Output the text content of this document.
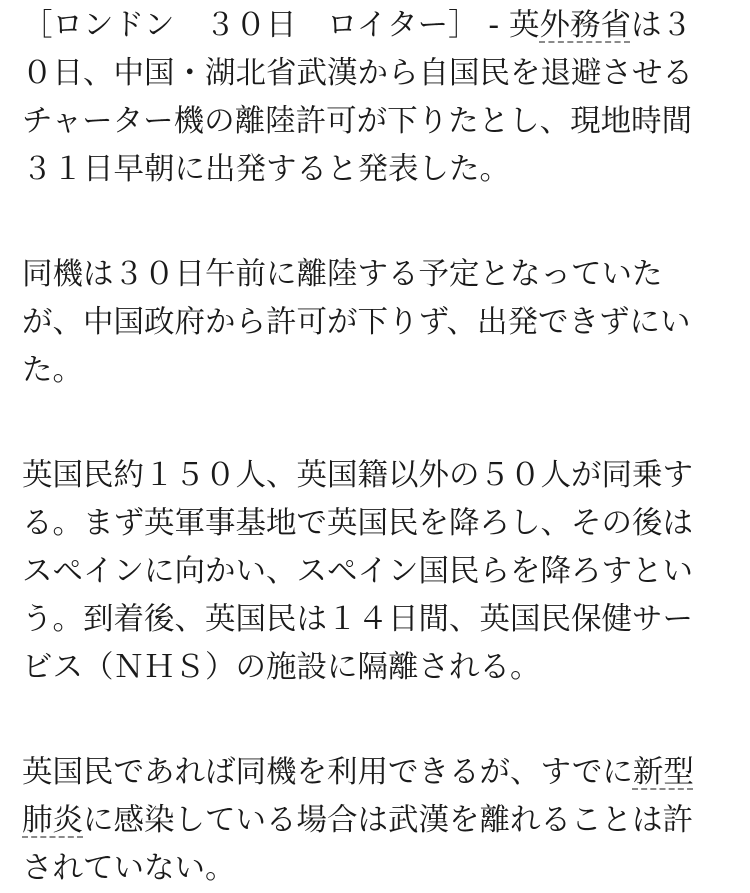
［ロンドン　３０日　ロイター］ - 英外務省は３
０日、中国・湖北省武漢から自国民を退避させる
チャーター機の離陸許可が下りたとし、現地時間
３１日早朝に出発すると発表した。

同機は３０日午前に離陸する予定となっていた
が、中国政府から許可が下りず、出発できずにい
た。

英国民約１５０人、英国籍以外の５０人が同乗す
る。まず英軍事基地で英国民を降ろし、その後は
スペインに向かい、スペイン国民らを降ろすとい
う。到着後、英国民は１４日間、英国民保健サー
ビス（ＮＨＳ）の施設に隔離される。

英国民であれば同機を利用できるが、すでに新型
肺炎に感染している場合は武漢を離れることは許
されていない。
